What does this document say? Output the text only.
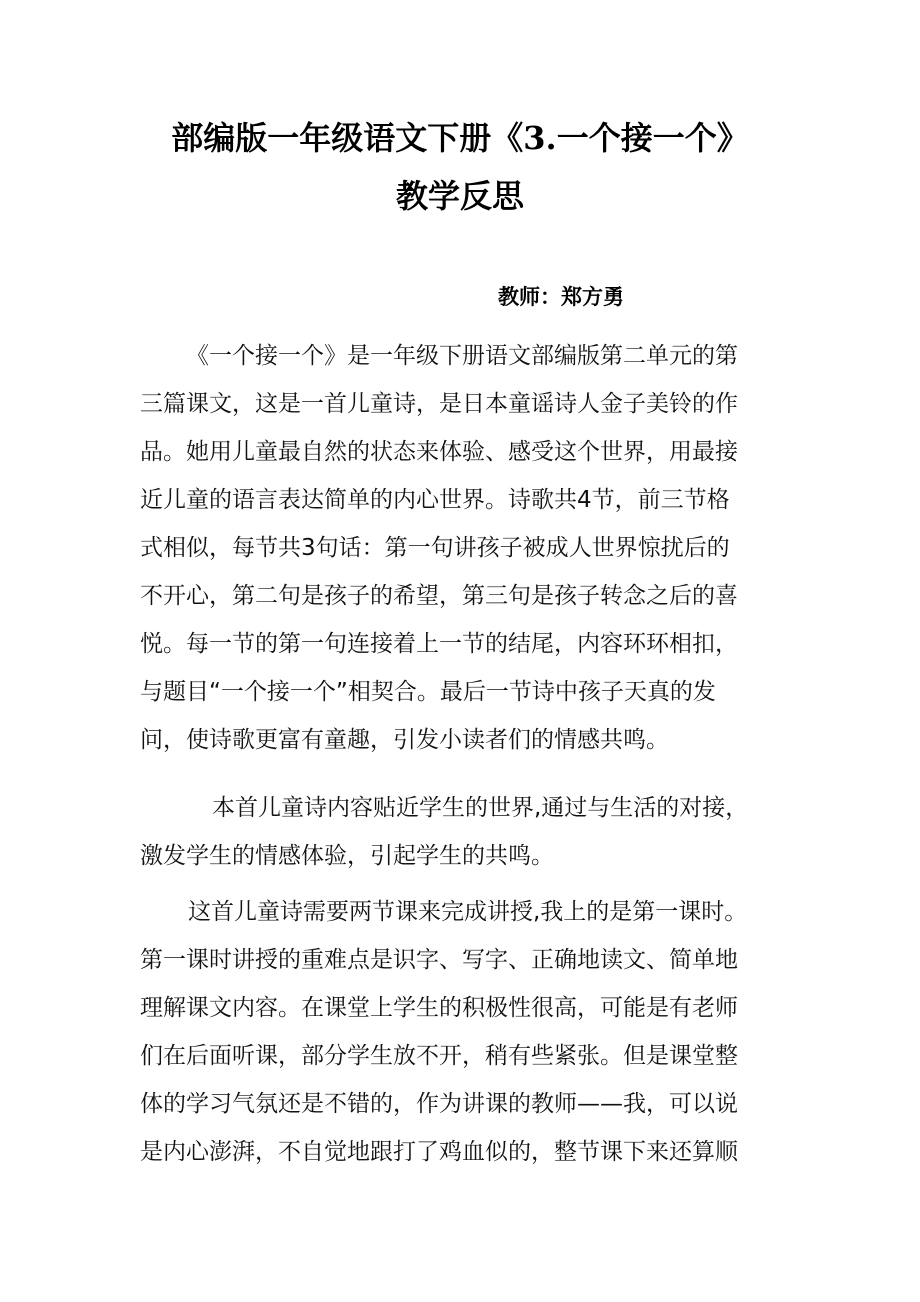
部编版一年级语文下册《3.一个接一个》
教学反思
教师：郑方勇
《一个接一个》是一年级下册语文部编版第二单元的第
三篇课文，这是一首儿童诗，是日本童谣诗人金子美铃的作
品。她用儿童最自然的状态来体验、感受这个世界，用最接
近儿童的语言表达简单的内心世界。诗歌共4节，前三节格
式相似，每节共3句话：第一句讲孩子被成人世界惊扰后的
不开心，第二句是孩子的希望，第三句是孩子转念之后的喜
悦。每一节的第一句连接着上一节的结尾，内容环环相扣，
与题目“一个接一个”相契合。最后一节诗中孩子天真的发
问，使诗歌更富有童趣，引发小读者们的情感共鸣。
本首儿童诗内容贴近学生的世界,通过与生活的对接，
激发学生的情感体验，引起学生的共鸣。
这首儿童诗需要两节课来完成讲授,我上的是第一课时。
第一课时讲授的重难点是识字、写字、正确地读文、简单地
理解课文内容。在课堂上学生的积极性很高，可能是有老师
们在后面听课，部分学生放不开，稍有些紧张。但是课堂整
体的学习气氛还是不错的，作为讲课的教师——我，可以说
是内心澎湃，不自觉地跟打了鸡血似的，整节课下来还算顺
